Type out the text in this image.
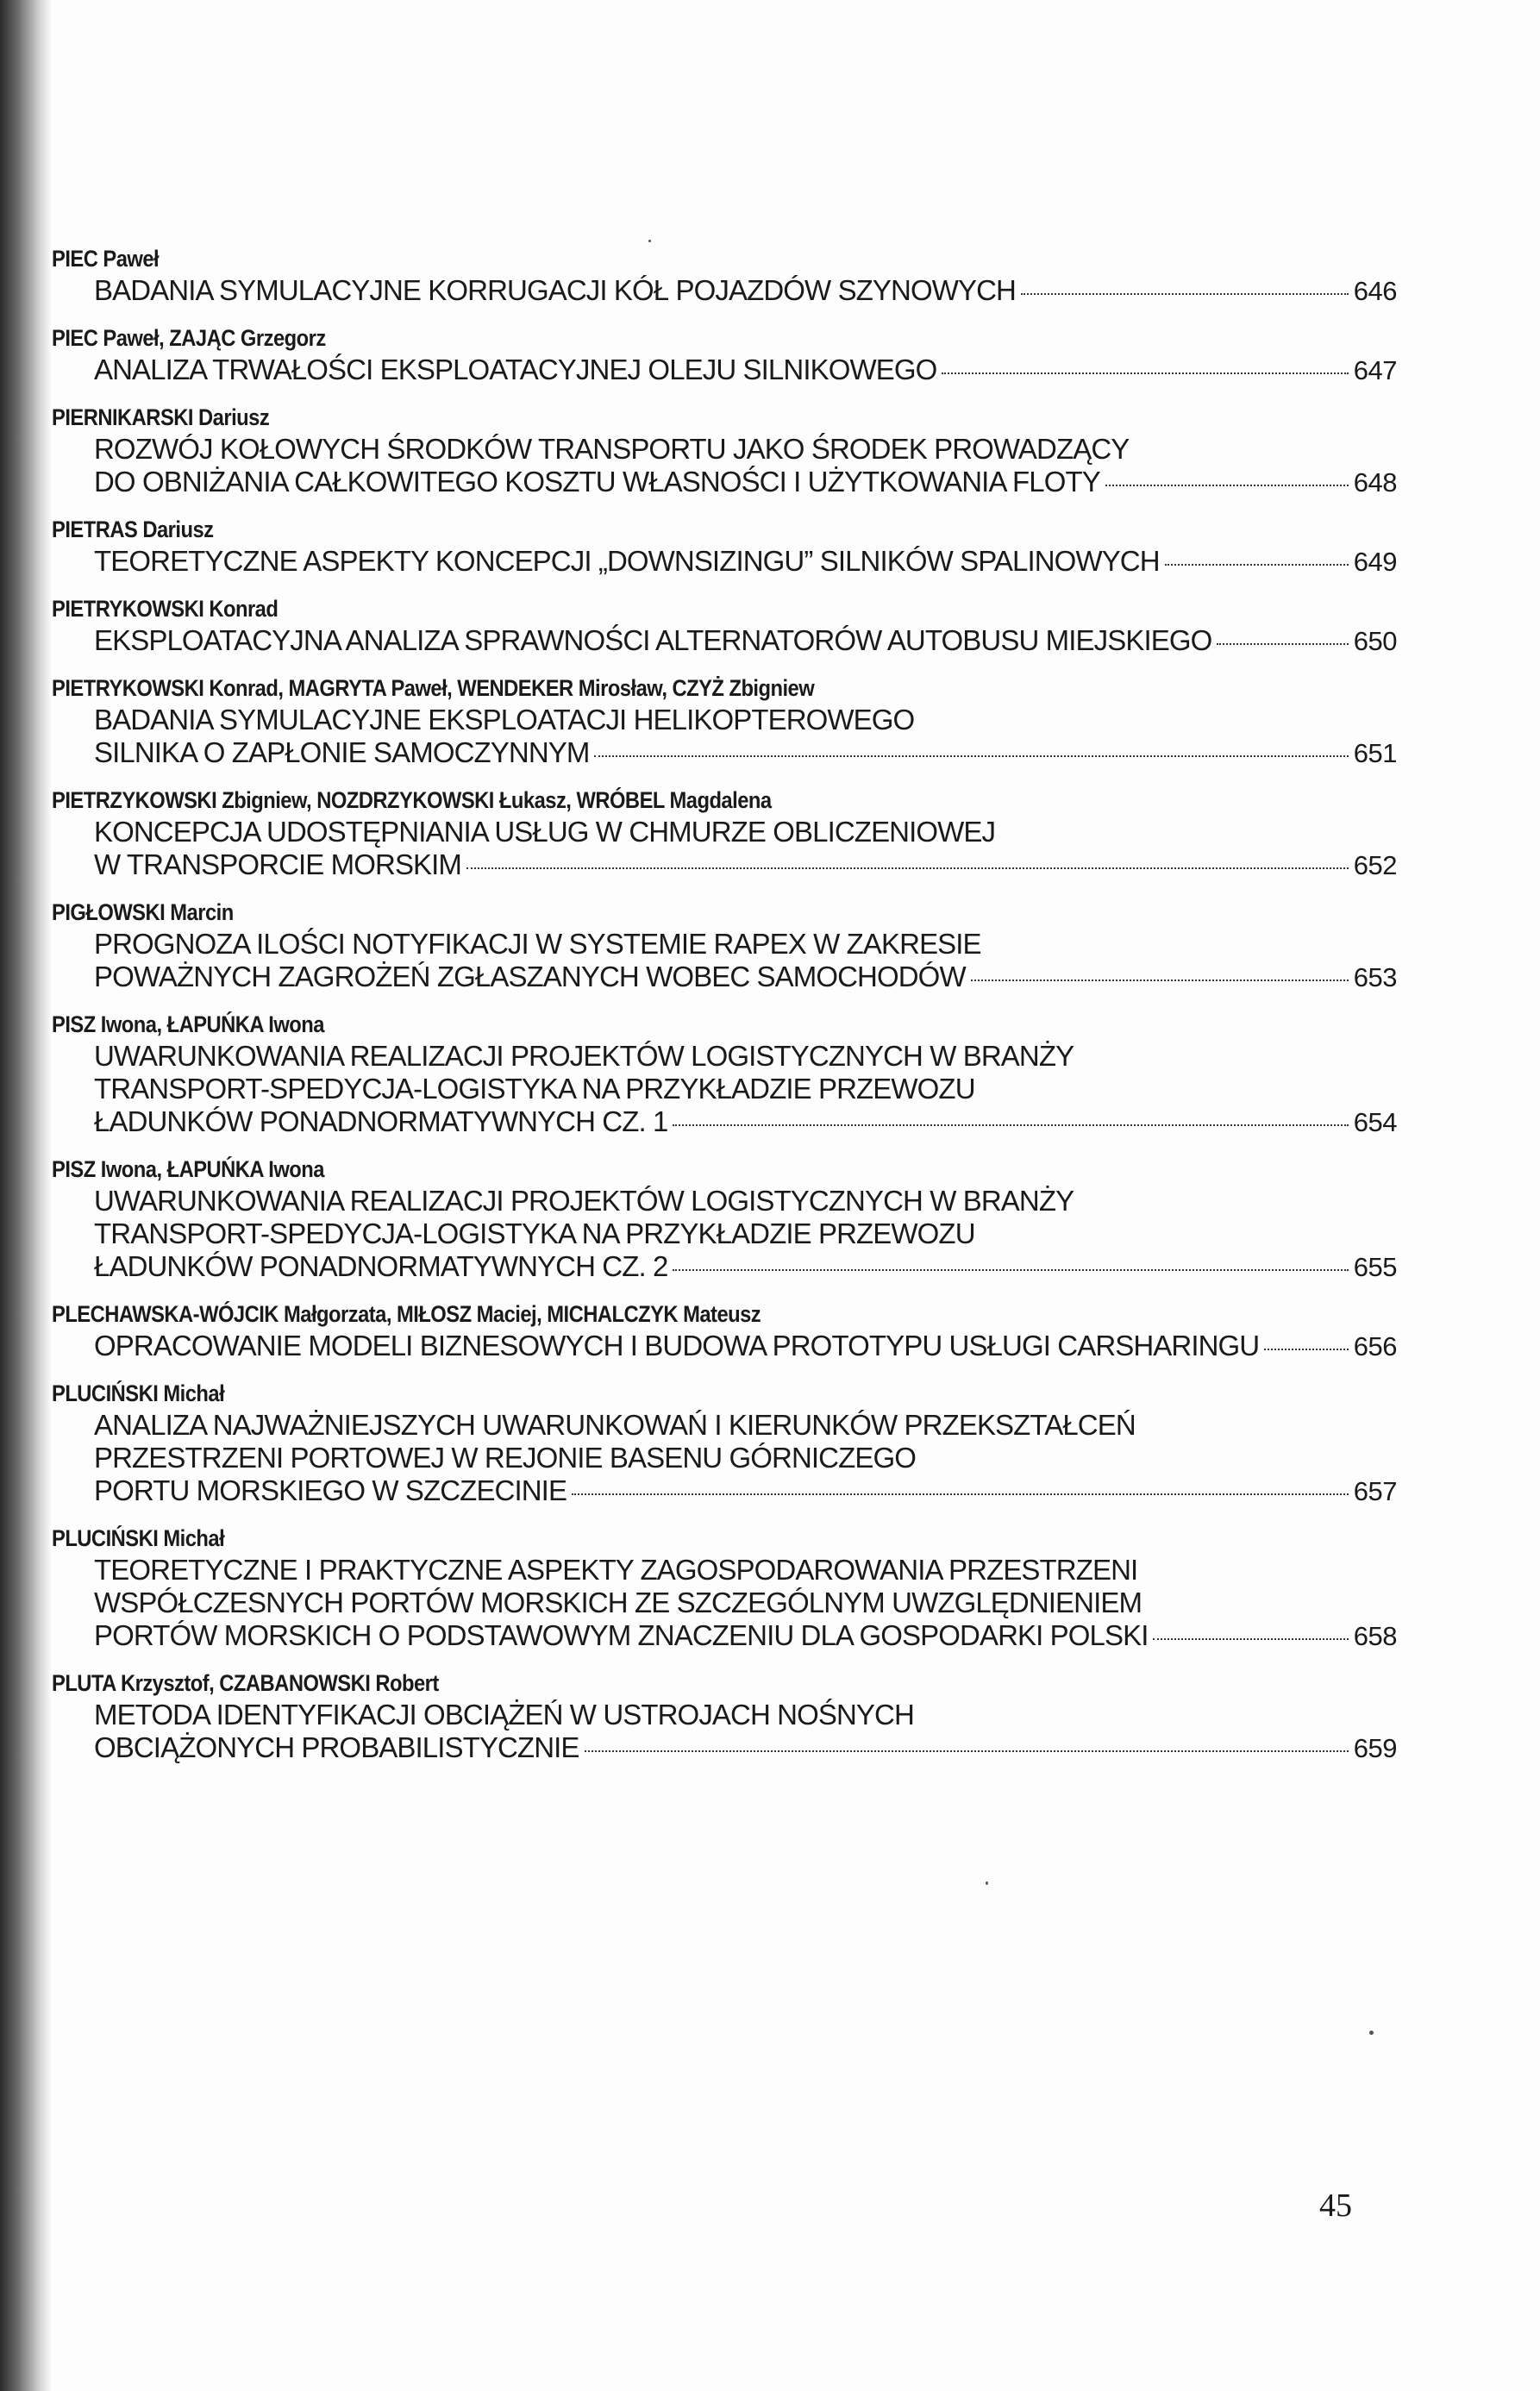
PIEC Paweł
BADANIA SYMULACYJNE KORRUGACJI KÓŁ POJAZDÓW SZYNOWYCH	646
PIEC Paweł, ZAJĄC Grzegorz
ANALIZA TRWAŁOŚCI EKSPLOATACYJNEJ OLEJU SILNIKOWEGO	647
PIERNIKARSKI Dariusz
ROZWÓJ KOŁOWYCH ŚRODKÓW TRANSPORTU JAKO ŚRODEK PROWADZĄCY
DO OBNIŻANIA CAŁKOWITEGO KOSZTU WŁASNOŚCI I UŻYTKOWANIA FLOTY	648
PIETRAS Dariusz
TEORETYCZNE ASPEKTY KONCEPCJI „DOWNSIZINGU” SILNIKÓW SPALINOWYCH	649
PIETRYKOWSKI Konrad
EKSPLOATACYJNA ANALIZA SPRAWNOŚCI ALTERNATORÓW AUTOBUSU MIEJSKIEGO	650
PIETRYKOWSKI Konrad, MAGRYTA Paweł, WENDEKER Mirosław, CZYŻ Zbigniew
BADANIA SYMULACYJNE EKSPLOATACJI HELIKOPTEROWEGO
SILNIKA O ZAPŁONIE SAMOCZYNNYM	651
PIETRZYKOWSKI Zbigniew, NOZDRZYKOWSKI Łukasz, WRÓBEL Magdalena
KONCEPCJA UDOSTĘPNIANIA USŁUG W CHMURZE OBLICZENIOWEJ
W TRANSPORCIE MORSKIM	652
PIGŁOWSKI Marcin
PROGNOZA ILOŚCI NOTYFIKACJI W SYSTEMIE RAPEX W ZAKRESIE
POWAŻNYCH ZAGROŻEŃ ZGŁASZANYCH WOBEC SAMOCHODÓW	653
PISZ Iwona, ŁAPUŃKA Iwona
UWARUNKOWANIA REALIZACJI PROJEKTÓW LOGISTYCZNYCH W BRANŻY
TRANSPORT-SPEDYCJA-LOGISTYKA NA PRZYKŁADZIE PRZEWOZU
ŁADUNKÓW PONADNORMATYWNYCH CZ. 1	654
PISZ Iwona, ŁAPUŃKA Iwona
UWARUNKOWANIA REALIZACJI PROJEKTÓW LOGISTYCZNYCH W BRANŻY
TRANSPORT-SPEDYCJA-LOGISTYKA NA PRZYKŁADZIE PRZEWOZU
ŁADUNKÓW PONADNORMATYWNYCH CZ. 2	655
PLECHAWSKA-WÓJCIK Małgorzata, MIŁOSZ Maciej, MICHALCZYK Mateusz
OPRACOWANIE MODELI BIZNESOWYCH I BUDOWA PROTOTYPU USŁUGI CARSHARINGU	656
PLUCIŃSKI Michał
ANALIZA NAJWAŻNIEJSZYCH UWARUNKOWAŃ I KIERUNKÓW PRZEKSZTAŁCEŃ
PRZESTRZENI PORTOWEJ W REJONIE BASENU GÓRNICZEGO
PORTU MORSKIEGO W SZCZECINIE	657
PLUCIŃSKI Michał
TEORETYCZNE I PRAKTYCZNE ASPEKTY ZAGOSPODAROWANIA PRZESTRZENI
WSPÓŁCZESNYCH PORTÓW MORSKICH ZE SZCZEGÓLNYM UWZGLĘDNIENIEM
PORTÓW MORSKICH O PODSTAWOWYM ZNACZENIU DLA GOSPODARKI POLSKI	658
PLUTA Krzysztof, CZABANOWSKI Robert
METODA IDENTYFIKACJI OBCIĄŻEŃ W USTROJACH NOŚNYCH
OBCIĄŻONYCH PROBABILISTYCZNIE	659
45
